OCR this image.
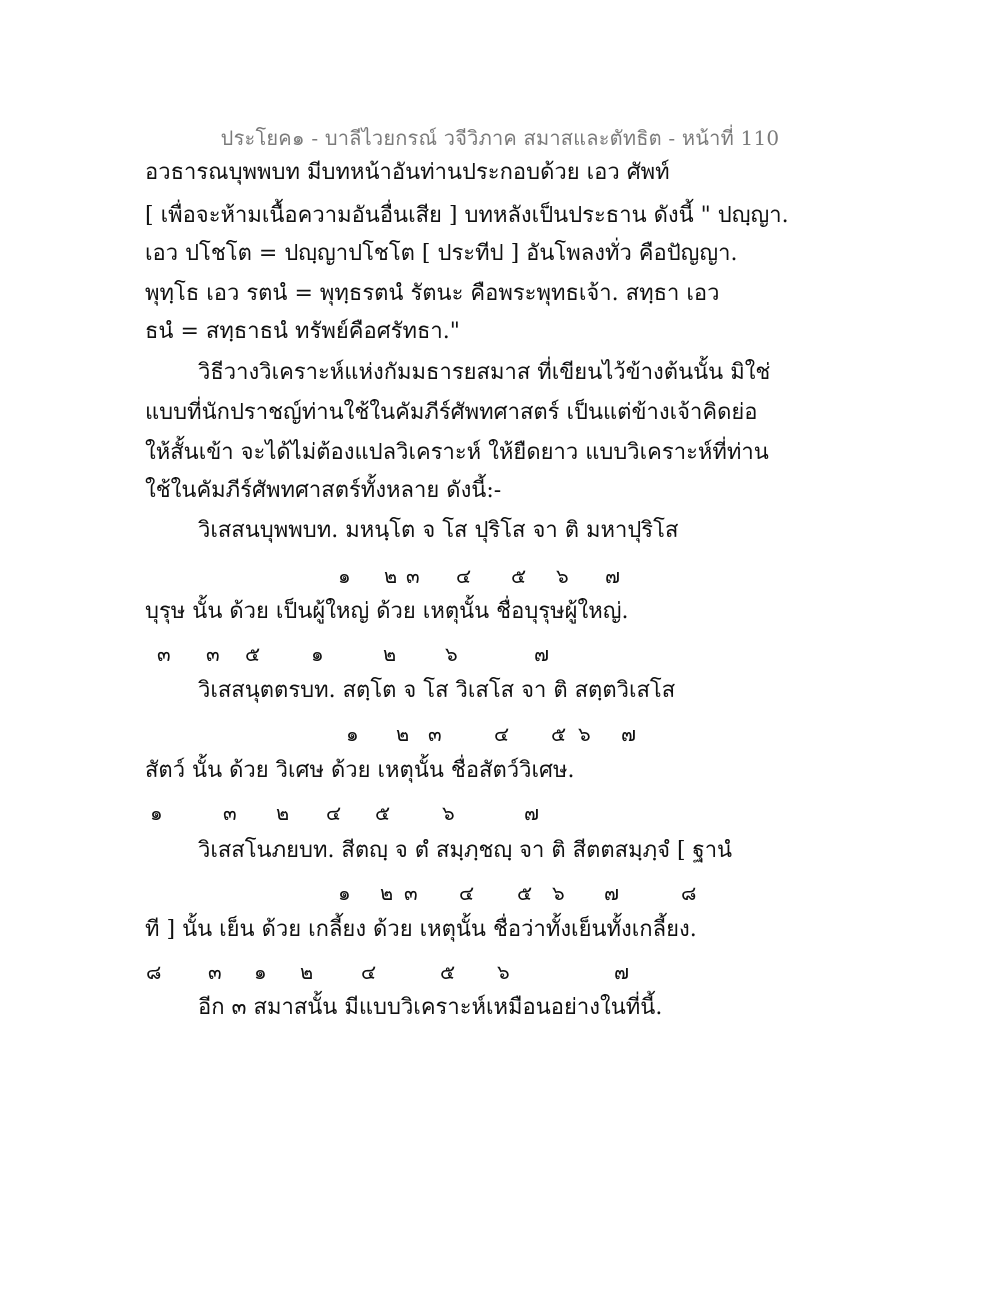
ประโยค๑ - บาลีไวยกรณ์ วจีวิภาค สมาสและตัทธิต - หน้าที่ 110
อวธารณบุพพบท มีบทหน้าอันท่านประกอบด้วย เอว ศัพท์
[ เพื่อจะห้ามเนื้อความอันอื่นเสีย ] บทหลังเป็นประธาน ดังนี้ " ปญฺญา.
เอว ปโชโต = ปญฺญาปโชโต [ ประทีป ] อันโพลงทั่ว คือปัญญา.
พุทฺโธ เอว รตนํ = พุทฺธรตนํ รัตนะ คือพระพุทธเจ้า. สทฺธา เอว
ธนํ = สทฺธาธนํ ทรัพย์คือศรัทธา."
วิธีวางวิเคราะห์แห่งกัมมธารยสมาส ที่เขียนไว้ข้างต้นนั้น มิใช่
แบบที่นักปราชญ์ท่านใช้ในคัมภีร์ศัพทศาสตร์ เป็นแต่ข้างเจ้าคิดย่อ
ให้สั้นเข้า จะได้ไม่ต้องแปลวิเคราะห์ ให้ยืดยาว แบบวิเคราะห์ที่ท่าน
ใช้ในคัมภีร์ศัพทศาสตร์ทั้งหลาย ดังนี้:-
วิเสสนบุพพบท. มหนฺโต จ โส ปุริโส จา ติ มหาปุริโส
๑ ๒ ๓ ๔ ๕ ๖ ๗
บุรุษ นั้น ด้วย เป็นผู้ใหญ่ ด้วย เหตุนั้น ชื่อบุรุษผู้ใหญ่.
๓ ๓ ๕	๑	๒ ๖	๗
วิเสสนุตตรบท. สตฺโต จ โส วิเสโส จา ติ สตฺตวิเสโส
๑ ๒ ๓	๔ ๕ ๖ ๗
สัตว์ นั้น ด้วย วิเศษ ด้วย เหตุนั้น ชื่อสัตว์วิเศษ.
๑	๓ ๒ ๔ ๕	๖	๗
วิเสสโนภยบท. สีตญฺ จ ตํ สมฺภฺชญฺ จา ติ สีตตสมฺภฺจํ [ ฐานํ
๑ ๒ ๓ ๔ ๕ ๖ ๗	๘
ที ] นั้น เย็น ด้วย เกลี้ยง ด้วย เหตุนั้น ชื่อว่าทั้งเย็นทั้งเกลี้ยง.
๘ ๓ ๑ ๒ ๔	๕ ๖	๗
อีก ๓ สมาสนั้น มีแบบวิเคราะห์เหมือนอย่างในที่นี้.
